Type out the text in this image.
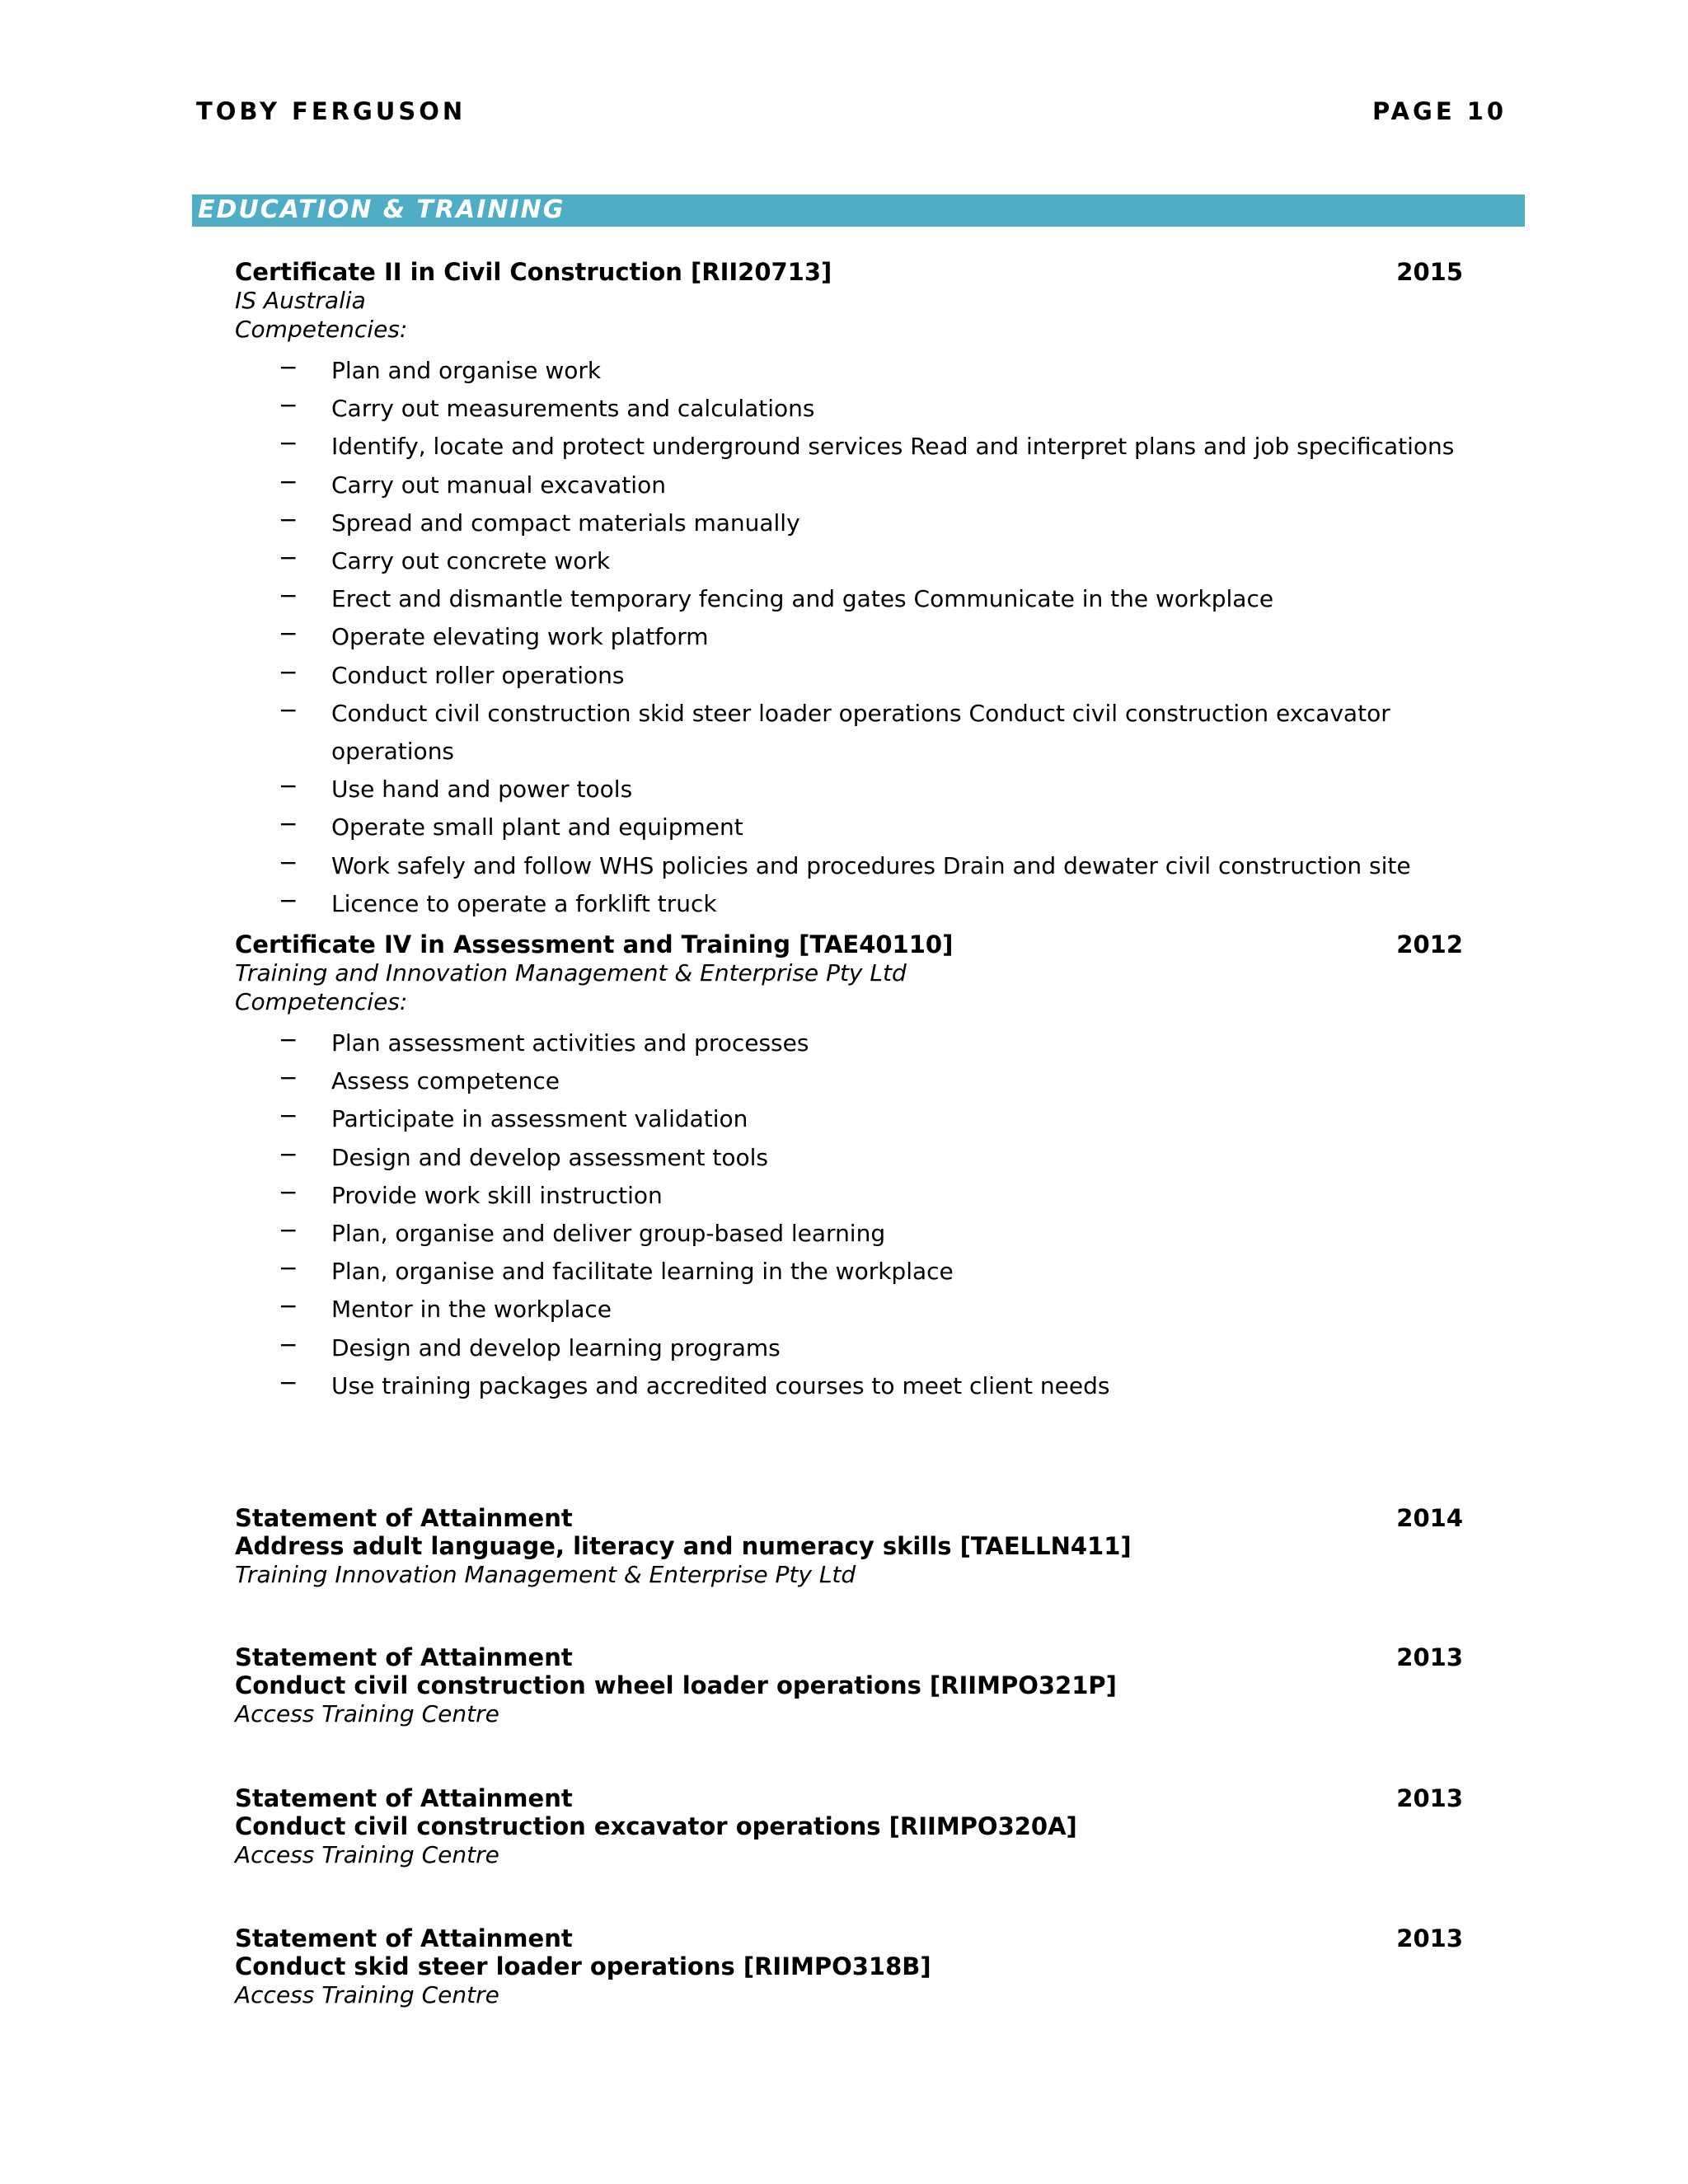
TOBY FERGUSON	PAGE 10
EDUCATION & TRAINING
2015
Certificate II in Civil Construction [RII20713]
IS Australia
Competencies:
− Plan and organise work
− Carry out measurements and calculations
− Identify, locate and protect underground services Read and interpret plans and job specifications
− Carry out manual excavation
− Spread and compact materials manually
− Carry out concrete work
− Erect and dismantle temporary fencing and gates Communicate in the workplace
− Operate elevating work platform
− Conduct roller operations
− Conduct civil construction skid steer loader operations Conduct civil construction excavator operations
− Use hand and power tools
− Operate small plant and equipment
− Work safely and follow WHS policies and procedures Drain and dewater civil construction site
− Licence to operate a forklift truck
2012
Certificate IV in Assessment and Training [TAE40110]
Training and Innovation Management & Enterprise Pty Ltd
Competencies:
− Plan assessment activities and processes
− Assess competence
− Participate in assessment validation
− Design and develop assessment tools
− Provide work skill instruction
− Plan, organise and deliver group-based learning
− Plan, organise and facilitate learning in the workplace
− Mentor in the workplace
− Design and develop learning programs
− Use training packages and accredited courses to meet client needs
2014
Statement of Attainment
Address adult language, literacy and numeracy skills [TAELLN411]
Training Innovation Management & Enterprise Pty Ltd
2013
Statement of Attainment
Conduct civil construction wheel loader operations [RIIMPO321P]
Access Training Centre
2013
Statement of Attainment
Conduct civil construction excavator operations [RIIMPO320A]
Access Training Centre
2013
Statement of Attainment
Conduct skid steer loader operations [RIIMPO318B]
Access Training Centre
